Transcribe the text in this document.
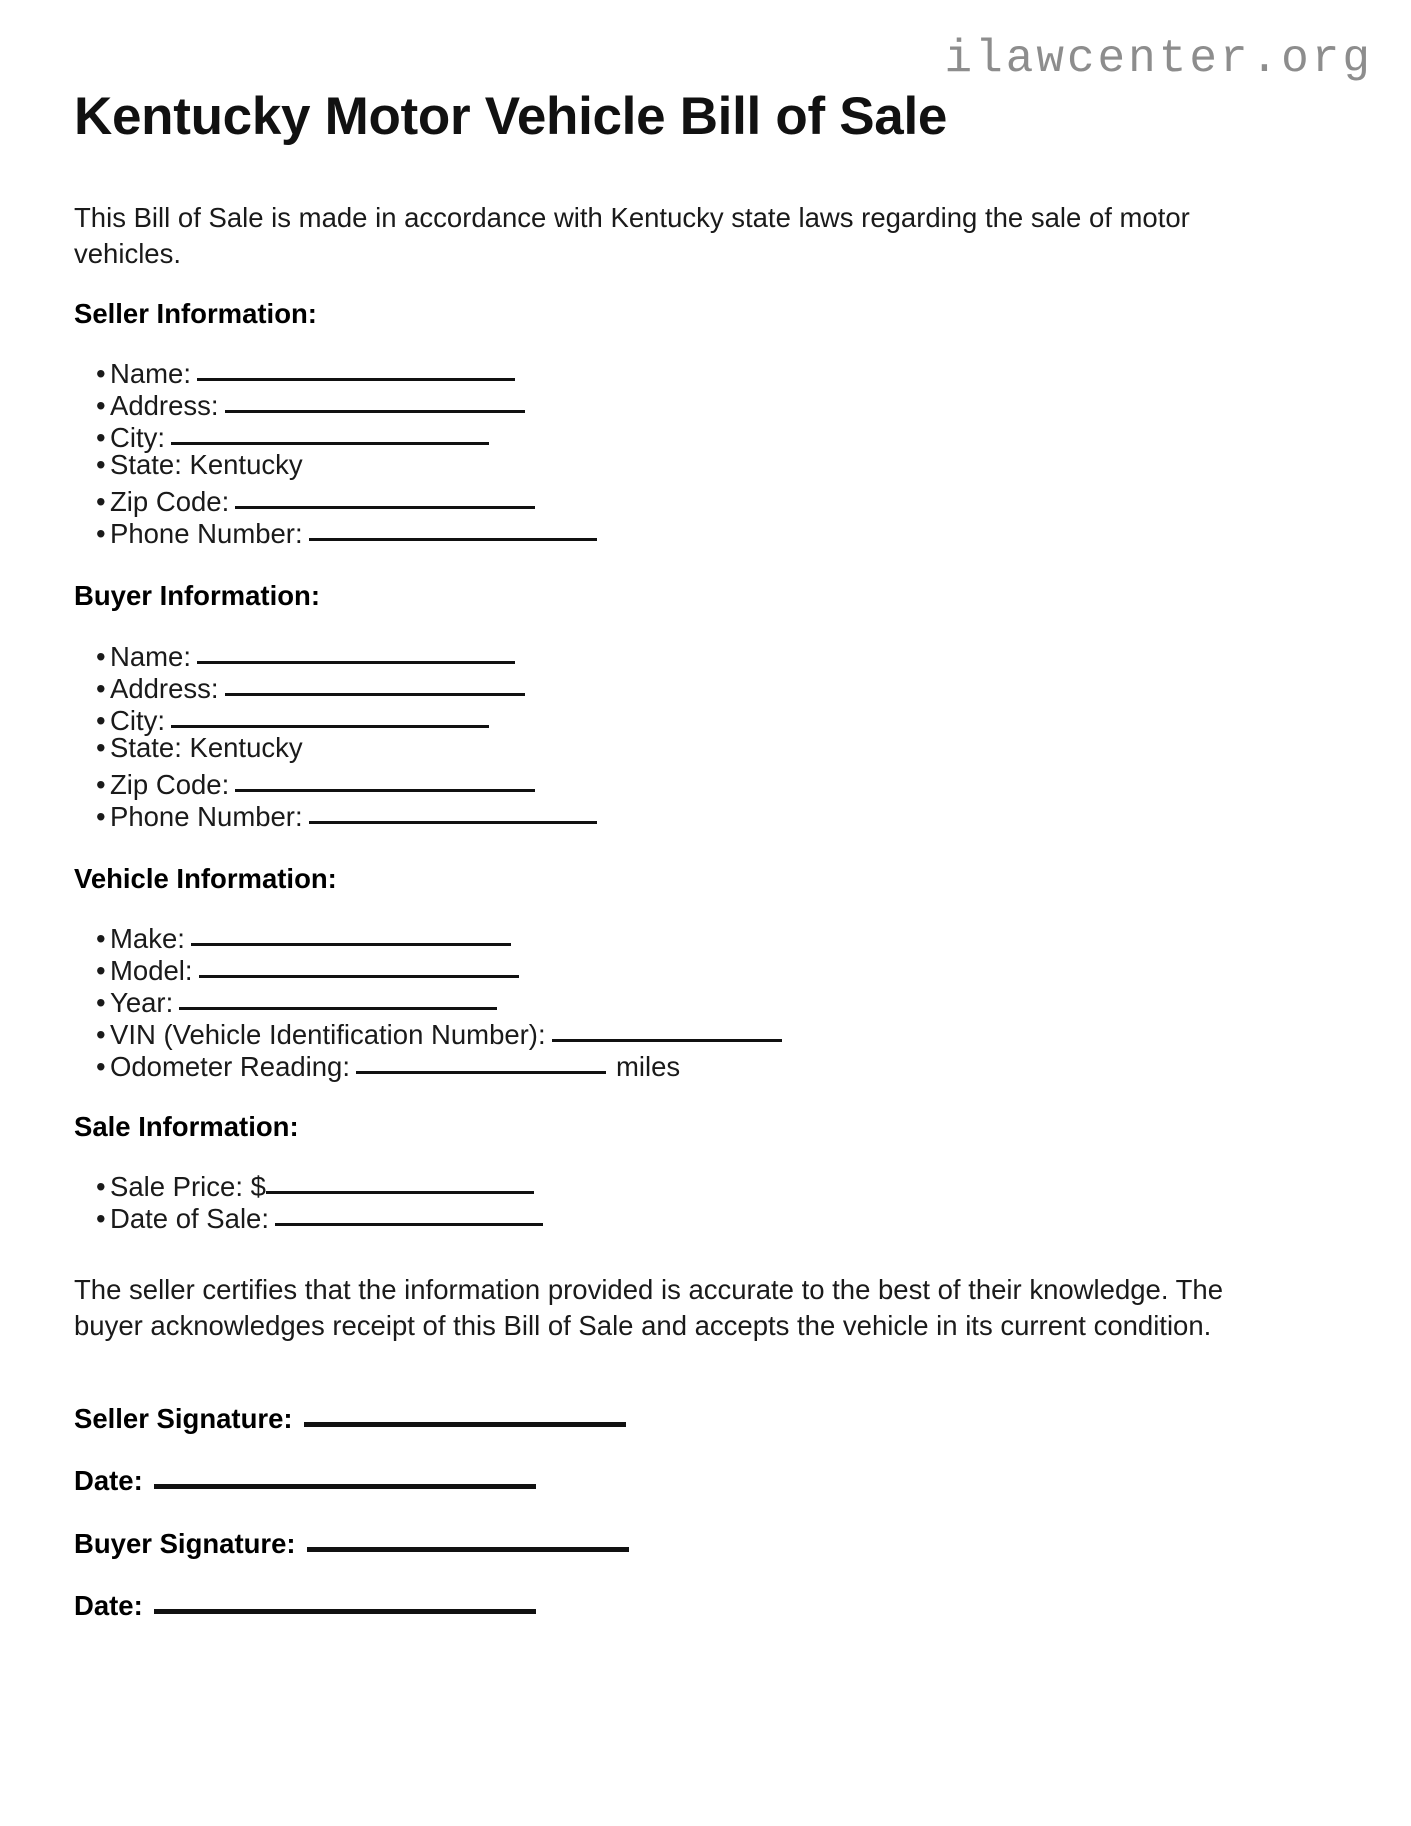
ilawcenter.org
Kentucky Motor Vehicle Bill of Sale

This Bill of Sale is made in accordance with Kentucky state laws regarding the sale of motor vehicles.

Seller Information:
• Name:
• Address:
• City:
• State: Kentucky
• Zip Code:
• Phone Number:
Buyer Information:
• Name:
• Address:
• City:
• State: Kentucky
• Zip Code:
• Phone Number:
Vehicle Information:
• Make:
• Model:
• Year:
• VIN (Vehicle Identification Number):
• Odometer Reading:	miles
Sale Information:
• Sale Price: $
• Date of Sale:

The seller certifies that the information provided is accurate to the best of their knowledge. The buyer acknowledges receipt of this Bill of Sale and accepts the vehicle in its current condition.

Seller Signature:
Date:
Buyer Signature:
Date:
